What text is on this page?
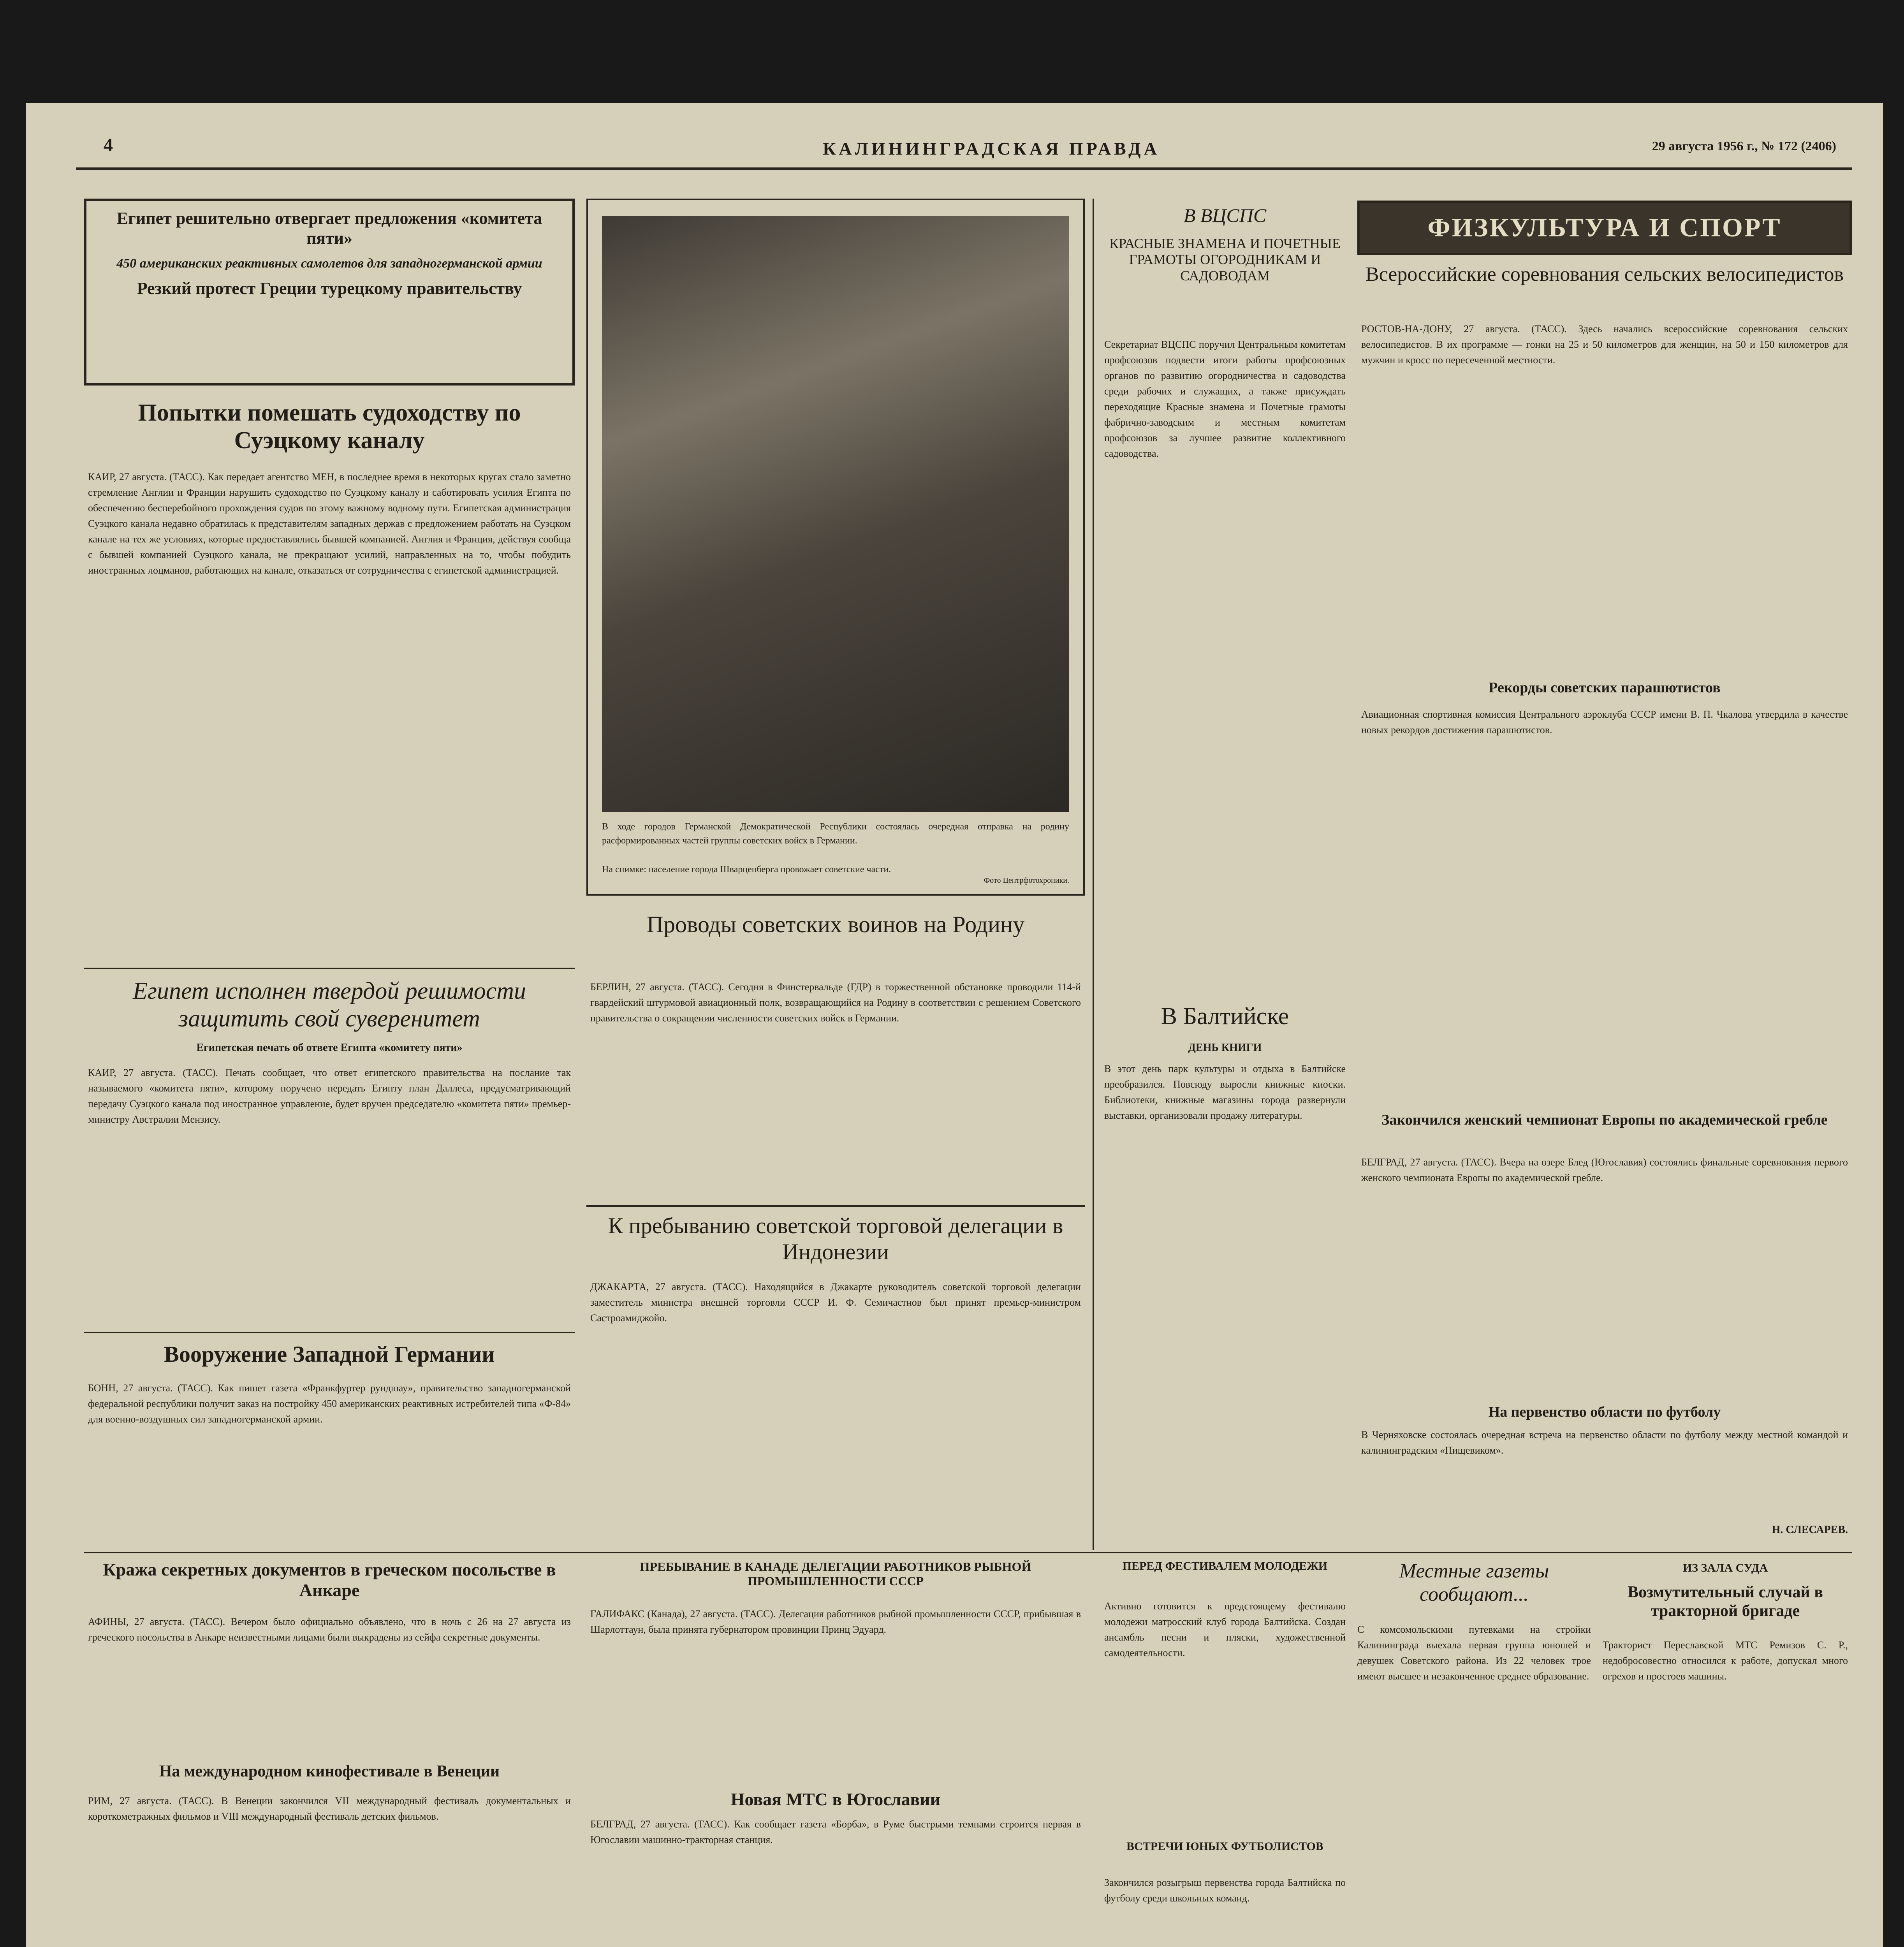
4	КАЛИНИНГРАДСКАЯ ПРАВДА	29 августа 1956 г., № 172 (2406)
Египет решительно отвергает предложения «комитета пяти»
450 американских реактивных самолетов для западногерманской армии
Резкий протест Греции турецкому правительству
Попытки помешать судоходству по Суэцкому каналу
КАИР, 27 августа. (ТАСС). Как передает агентство МЕН, в последнее время в некоторых кругах стало заметно стремление Англии и Франции нарушить судоходство по Суэцкому каналу и саботировать усилия Египта по обеспечению бесперебойного прохождения судов по этому важному водному пути. Египетская администрация Суэцкого канала недавно обратилась к представителям западных держав с предложением работать на Суэцком канале на тех же условиях, которые предоставлялись бывшей компанией. Англия и Франция, действуя сообща с бывшей компанией Суэцкого канала, не прекращают усилий, направленных на то, чтобы побудить иностранных лоцманов, работающих на канале, отказаться от сотрудничества с египетской администрацией.
Египет исполнен твердой решимости защитить свой суверенитет
Египетская печать об ответе Египта «комитету пяти»
КАИР, 27 августа. (ТАСС). Печать сообщает, что ответ египетского правительства на послание так называемого «комитета пяти», которому поручено передать Египту план Даллеса, предусматривающий передачу Суэцкого канала под иностранное управление, будет вручен председателю «комитета пяти» премьер-министру Австралии Мензису.
Вооружение Западной Германии
БОНН, 27 августа. (ТАСС). Как пишет газета «Франкфуртер рундшау», правительство западногерманской федеральной республики получит заказ на постройку 450 американских реактивных истребителей типа «Ф-84» для военно-воздушных сил западногерманской армии.
Кража секретных документов в греческом посольстве в Анкаре
АФИНЫ, 27 августа. (ТАСС). Вечером было официально объявлено, что в ночь с 26 на 27 августа из греческого посольства в Анкаре неизвестными лицами были выкрадены из сейфа секретные документы.
На международном кинофестивале в Венеции
РИМ, 27 августа. (ТАСС). В Венеции закончился VII международный фестиваль документальных и короткометражных фильмов и VIII международный фестиваль детских фильмов.
В ходе городов Германской Демократической Республики состоялась очередная отправка на родину расформированных частей группы советских войск в Германии.
На снимке: население города Шварценберга провожает советские части.
Фото Центрфотохроники.
Проводы советских воинов на Родину
БЕРЛИН, 27 августа. (ТАСС). Сегодня в Финстервальде (ГДР) в торжественной обстановке проводили 114-й гвардейский штурмовой авиационный полк, возвращающийся на Родину в соответствии с решением Советского правительства о сокращении численности советских войск в Германии.
К пребыванию советской торговой делегации в Индонезии
ДЖАКАРТА, 27 августа. (ТАСС). Находящийся в Джакарте руководитель советской торговой делегации заместитель министра внешней торговли СССР И. Ф. Семичастнов был принят премьер-министром Састроамиджойо.
В ВЦСПС
КРАСНЫЕ ЗНАМЕНА И ПОЧЕТНЫЕ ГРАМОТЫ ОГОРОДНИКАМ И САДОВОДАМ
Секретариат ВЦСПС поручил Центральным комитетам профсоюзов подвести итоги работы профсоюзных органов по развитию огородничества и садоводства среди рабочих и служащих, а также присуждать переходящие Красные знамена и Почетные грамоты фабрично-заводским и местным комитетам профсоюзов за лучшее развитие коллективного садоводства.
В Балтийске
ДЕНЬ КНИГИ
В этот день парк культуры и отдыха в Балтийске преобразился. Повсюду выросли книжные киоски. Библиотеки, книжные магазины города развернули выставки, организовали продажу литературы.
ФИЗКУЛЬТУРА И СПОРТ
Всероссийские соревнования сельских велосипедистов
РОСТОВ-НА-ДОНУ, 27 августа. (ТАСС). Здесь начались всероссийские соревнования сельских велосипедистов. В их программе — гонки на 25 и 50 километров для женщин, на 50 и 150 километров для мужчин и кросс по пересеченной местности.
Рекорды советских парашютистов
Авиационная спортивная комиссия Центрального аэроклуба СССР имени В. П. Чкалова утвердила в качестве новых рекордов достижения парашютистов.
Закончился женский чемпионат Европы по академической гребле
БЕЛГРАД, 27 августа. (ТАСС). Вчера на озере Блед (Югославия) состоялись финальные соревнования первого женского чемпионата Европы по академической гребле.
На первенство области по футболу
В Черняховске состоялась очередная встреча на первенство области по футболу между местной командой и калининградским «Пищевиком».
Н. СЛЕСАРЕВ.
ПРЕБЫВАНИЕ В КАНАДЕ ДЕЛЕГАЦИИ РАБОТНИКОВ РЫБНОЙ ПРОМЫШЛЕННОСТИ СССР
ГАЛИФАКС (Канада), 27 августа. (ТАСС). Делегация работников рыбной промышленности СССР, прибывшая в Шарлоттаун, была принята губернатором провинции Принц Эдуард.
Новая МТС в Югославии
БЕЛГРАД, 27 августа. (ТАСС). Как сообщает газета «Борба», в Руме быстрыми темпами строится первая в Югославии машинно-тракторная станция.
ПЕРЕД ФЕСТИВАЛЕМ МОЛОДЕЖИ
Активно готовится к предстоящему фестивалю молодежи матросский клуб города Балтийска. Создан ансамбль песни и пляски, художественной самодеятельности.
ВСТРЕЧИ ЮНЫХ ФУТБОЛИСТОВ
Закончился розыгрыш первенства города Балтийска по футболу среди школьных команд.
Местные газеты сообщают...
С комсомольскими путевками на стройки Калининграда выехала первая группа юношей и девушек Советского района. Из 22 человек трое имеют высшее и незаконченное среднее образование.
ИЗ ЗАЛА СУДА
Возмутительный случай в тракторной бригаде
Тракторист Переславской МТС Ремизов С. Р., недобросовестно относился к работе, допускал много огрехов и простоев машины.
